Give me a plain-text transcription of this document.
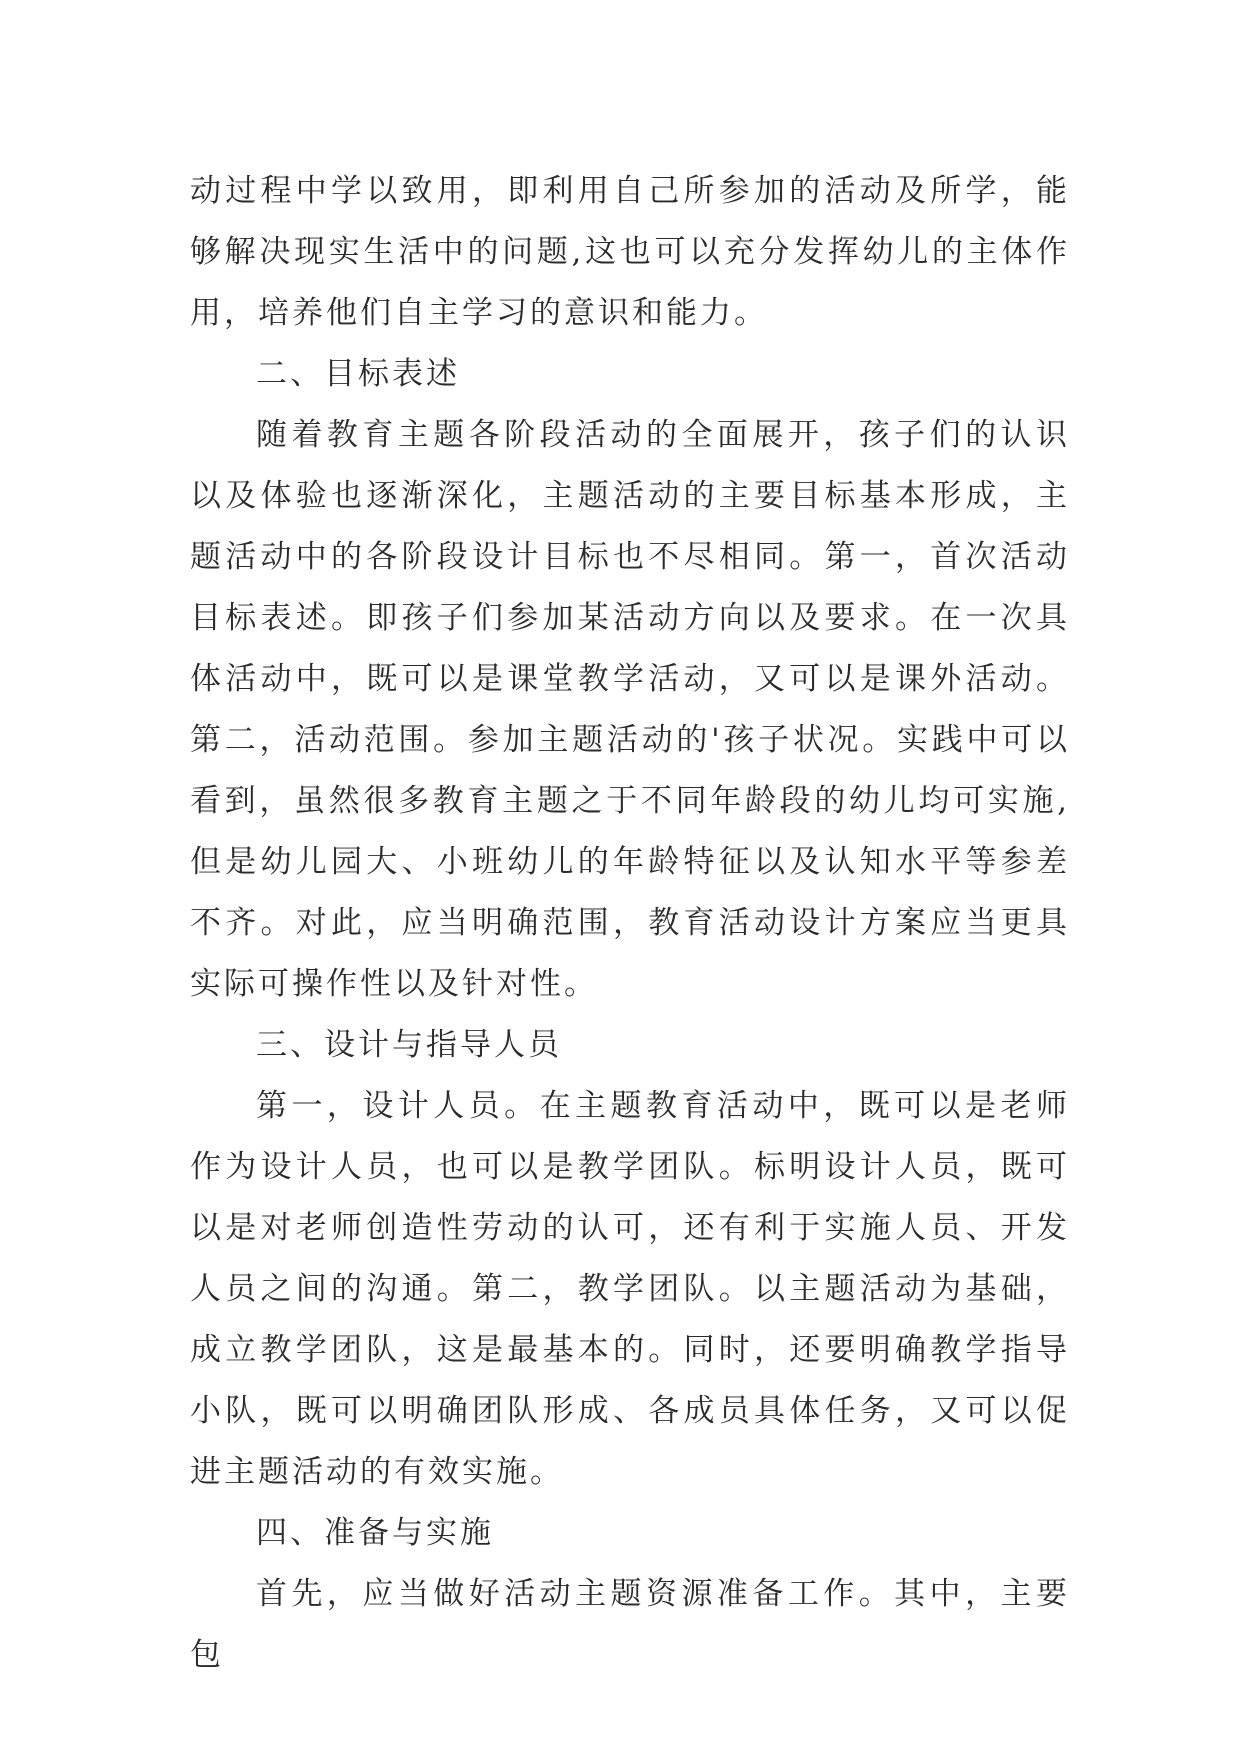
动过程中学以致用，即利用自己所参加的活动及所学，能够解决现实生活中的问题,这也可以充分发挥幼儿的主体作用，培养他们自主学习的意识和能力。

二、目标表述

随着教育主题各阶段活动的全面展开，孩子们的认识以及体验也逐渐深化，主题活动的主要目标基本形成，主题活动中的各阶段设计目标也不尽相同。第一，首次活动目标表述。即孩子们参加某活动方向以及要求。在一次具体活动中，既可以是课堂教学活动，又可以是课外活动。第二，活动范围。参加主题活动的'孩子状况。实践中可以看到，虽然很多教育主题之于不同年龄段的幼儿均可实施,但是幼儿园大、小班幼儿的年龄特征以及认知水平等参差不齐。对此，应当明确范围，教育活动设计方案应当更具实际可操作性以及针对性。

三、设计与指导人员

第一，设计人员。在主题教育活动中，既可以是老师作为设计人员，也可以是教学团队。标明设计人员，既可以是对老师创造性劳动的认可，还有利于实施人员、开发人员之间的沟通。第二，教学团队。以主题活动为基础，成立教学团队，这是最基本的。同时，还要明确教学指导小队，既可以明确团队形成、各成员具体任务，又可以促进主题活动的有效实施。

四、准备与实施

首先，应当做好活动主题资源准备工作。其中，主要包
